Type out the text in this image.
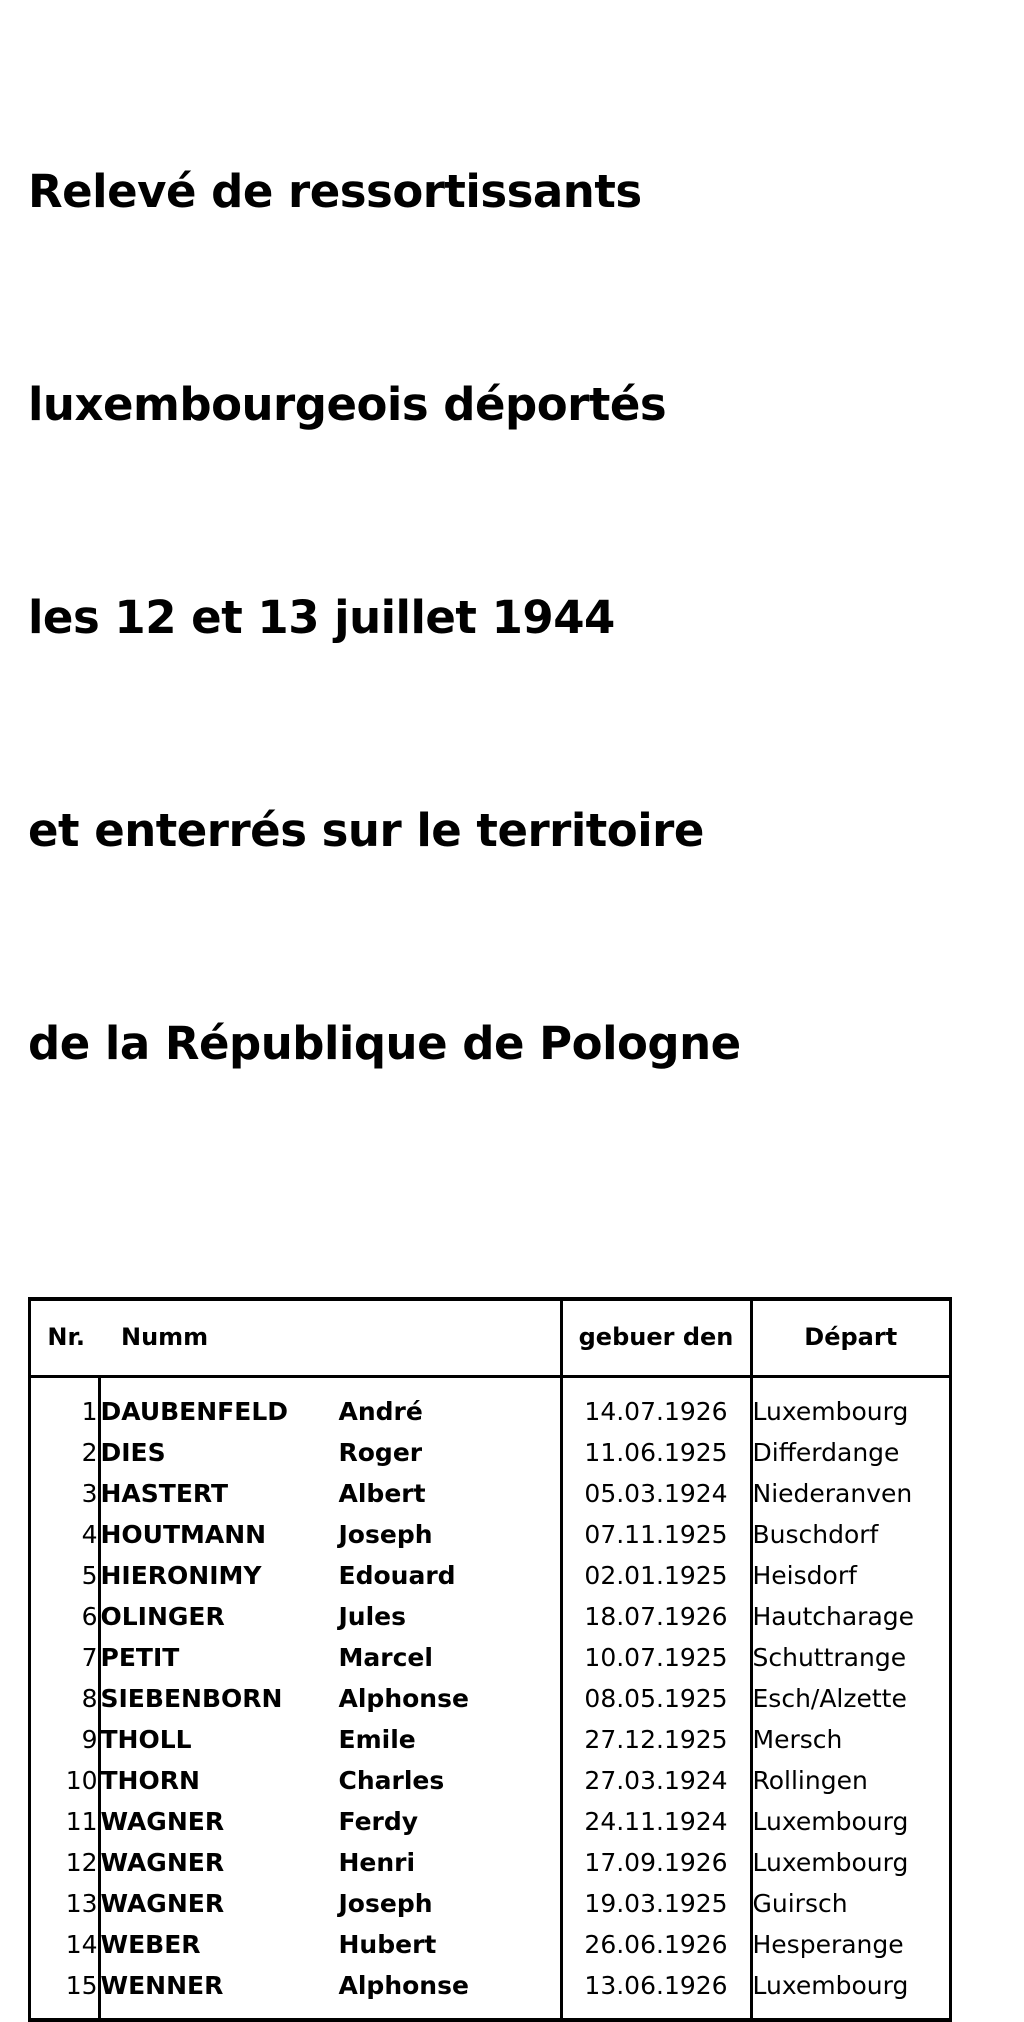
Relevé de ressortissants

luxembourgeois déportés

les 12 et 13 juillet 1944

et enterrés sur le territoire

de la République de Pologne

Nr.	Numm	gebuer den	Départ
1	DAUBENFELD André	14.07.1926	Luxembourg
2	DIES Roger	11.06.1925	Differdange
3	HASTERT Albert	05.03.1924	Niederanven
4	HOUTMANN Joseph	07.11.1925	Buschdorf
5	HIERONIMY Edouard	02.01.1925	Heisdorf
6	OLINGER Jules	18.07.1926	Hautcharage
7	PETIT Marcel	10.07.1925	Schuttrange
8	SIEBENBORN Alphonse	08.05.1925	Esch/Alzette
9	THOLL Emile	27.12.1925	Mersch
10	THORN Charles	27.03.1924	Rollingen
11	WAGNER Ferdy	24.11.1924	Luxembourg
12	WAGNER Henri	17.09.1926	Luxembourg
13	WAGNER Joseph	19.03.1925	Guirsch
14	WEBER Hubert	26.06.1926	Hesperange
15	WENNER Alphonse	13.06.1926	Luxembourg
